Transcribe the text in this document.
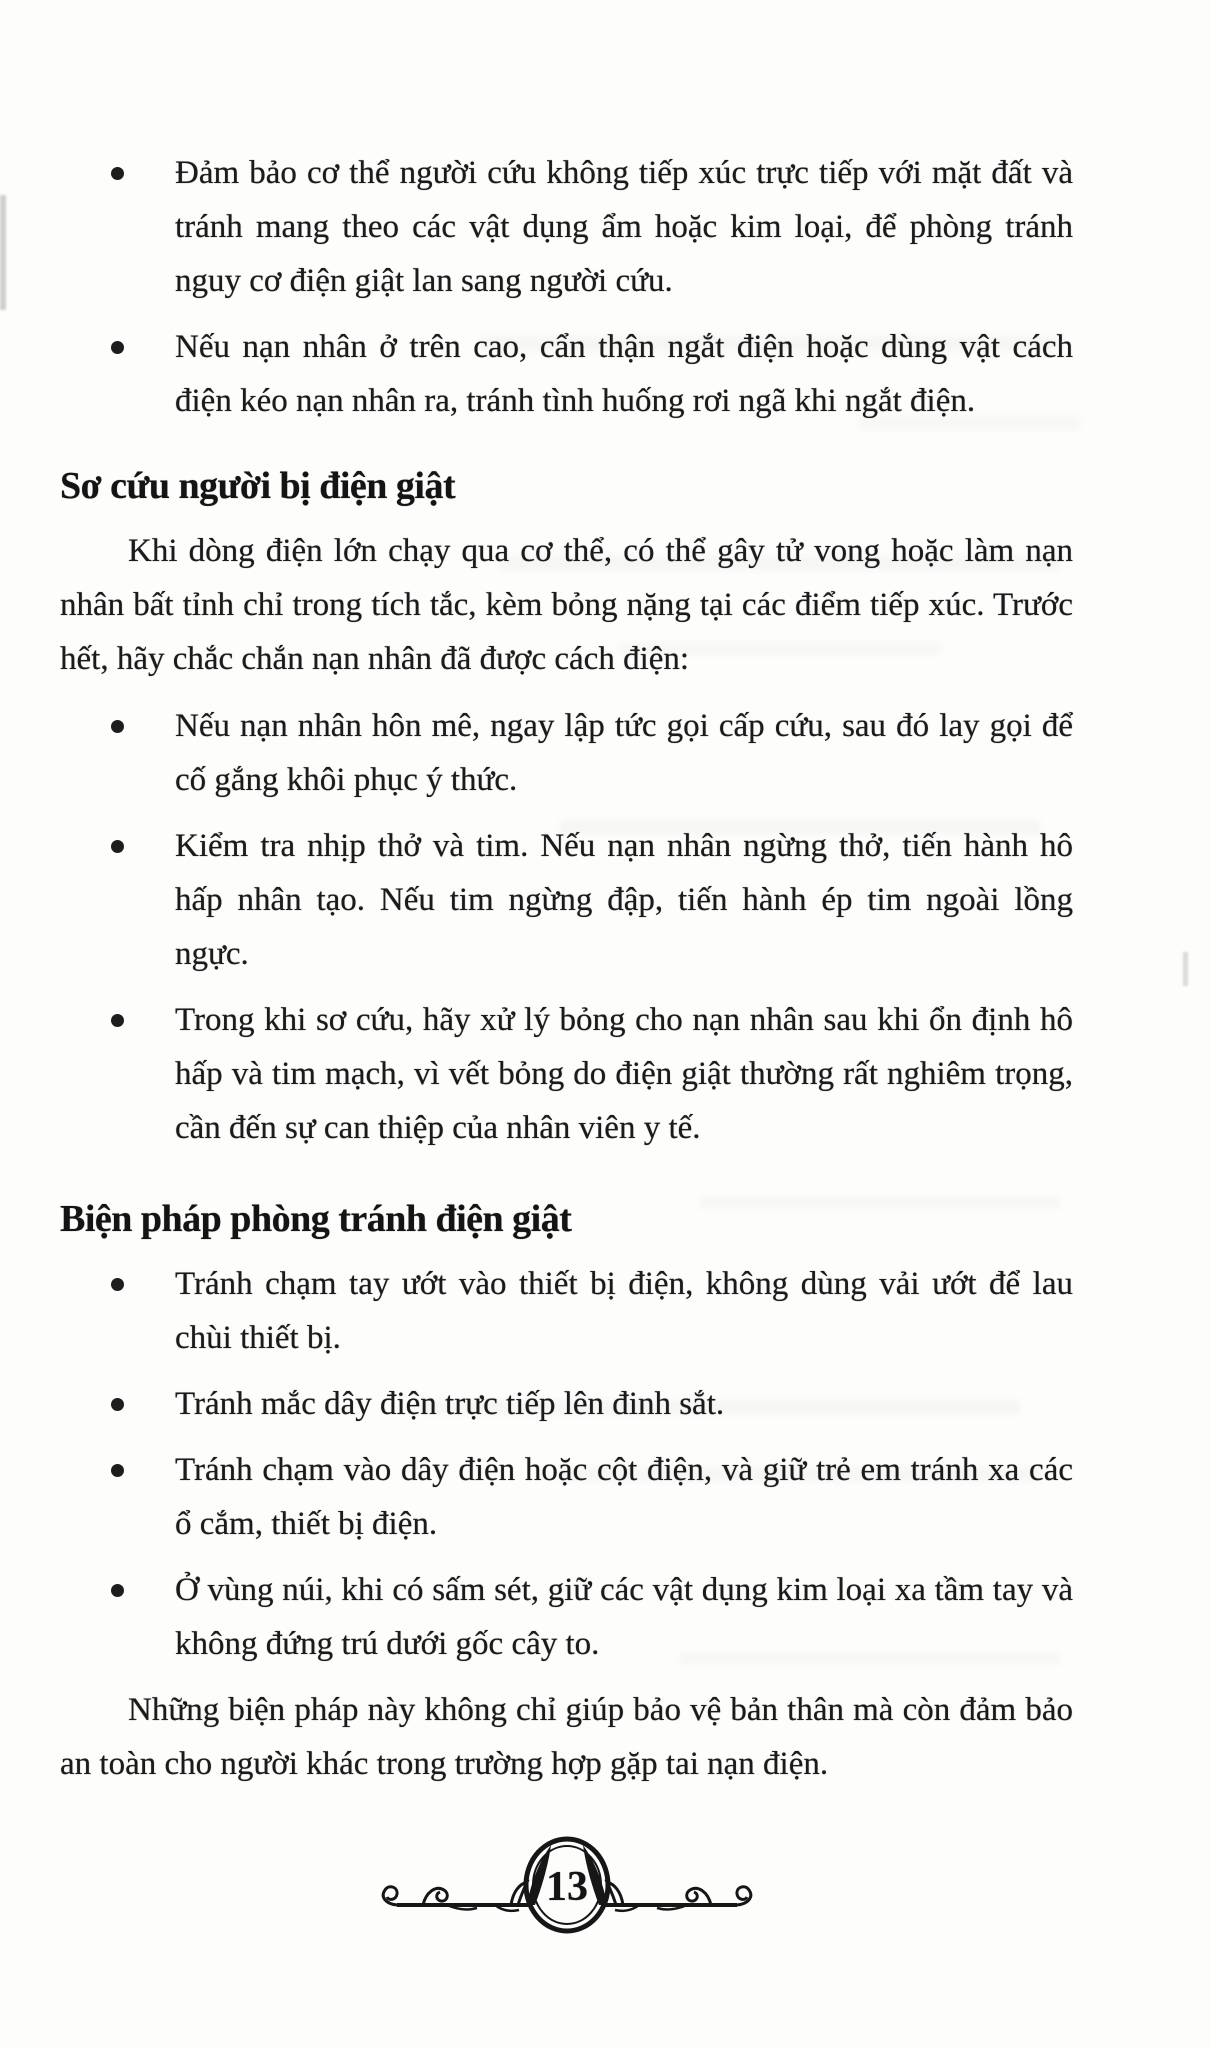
Đảm bảo cơ thể người cứu không tiếp xúc trực tiếp với mặt đất và tránh mang theo các vật dụng ẩm hoặc kim loại, để phòng tránh nguy cơ điện giật lan sang người cứu.
Nếu nạn nhân ở trên cao, cẩn thận ngắt điện hoặc dùng vật cách điện kéo nạn nhân ra, tránh tình huống rơi ngã khi ngắt điện.
Sơ cứu người bị điện giật

Khi dòng điện lớn chạy qua cơ thể, có thể gây tử vong hoặc làm nạn nhân bất tỉnh chỉ trong tích tắc, kèm bỏng nặng tại các điểm tiếp xúc. Trước hết, hãy chắc chắn nạn nhân đã được cách điện:

Nếu nạn nhân hôn mê, ngay lập tức gọi cấp cứu, sau đó lay gọi để cố gắng khôi phục ý thức.
Kiểm tra nhịp thở và tim. Nếu nạn nhân ngừng thở, tiến hành hô hấp nhân tạo. Nếu tim ngừng đập, tiến hành ép tim ngoài lồng ngực.
Trong khi sơ cứu, hãy xử lý bỏng cho nạn nhân sau khi ổn định hô hấp và tim mạch, vì vết bỏng do điện giật thường rất nghiêm trọng, cần đến sự can thiệp của nhân viên y tế.
Biện pháp phòng tránh điện giật
Tránh chạm tay ướt vào thiết bị điện, không dùng vải ướt để lau chùi thiết bị.
Tránh mắc dây điện trực tiếp lên đinh sắt.
Tránh chạm vào dây điện hoặc cột điện, và giữ trẻ em tránh xa các ổ cắm, thiết bị điện.
Ở vùng núi, khi có sấm sét, giữ các vật dụng kim loại xa tầm tay và không đứng trú dưới gốc cây to.

Những biện pháp này không chỉ giúp bảo vệ bản thân mà còn đảm bảo an toàn cho người khác trong trường hợp gặp tai nạn điện.

13
